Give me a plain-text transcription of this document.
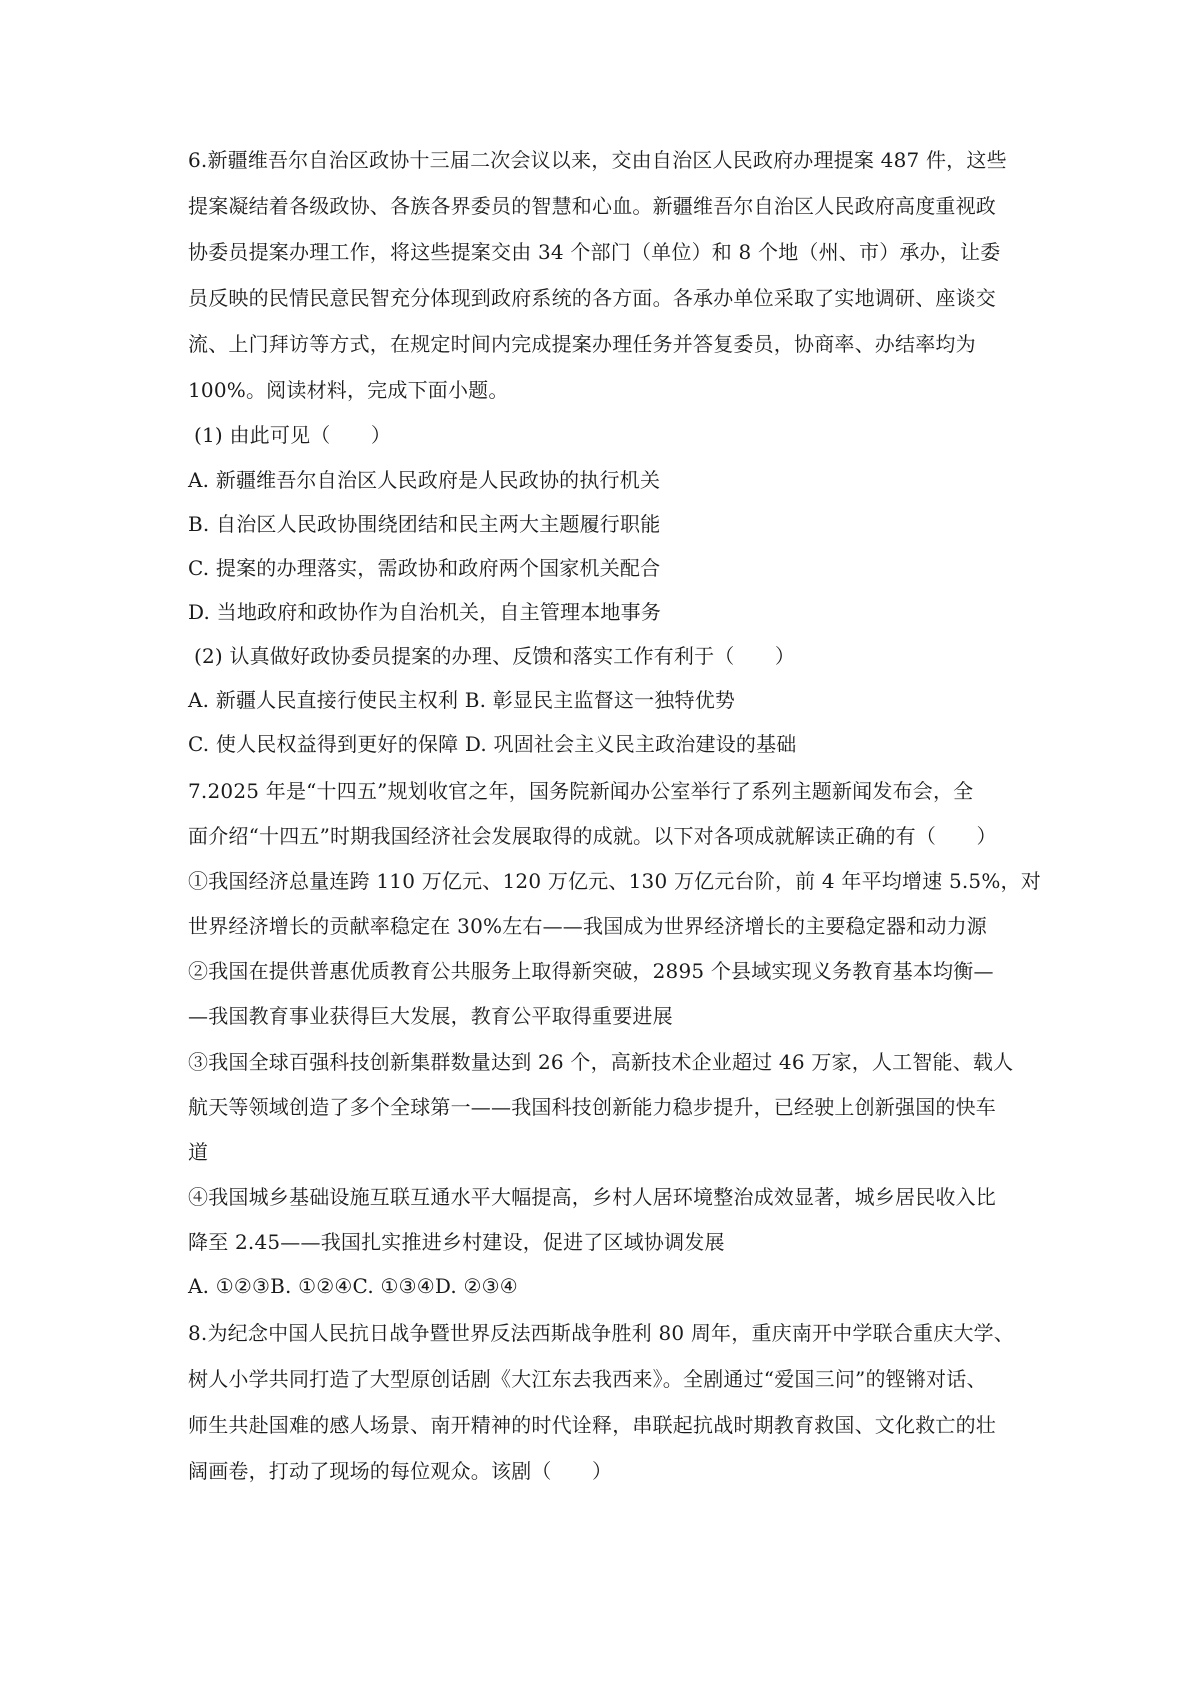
6.新疆维吾尔自治区政协十三届二次会议以来，交由自治区人民政府办理提案 487 件，这些
提案凝结着各级政协、各族各界委员的智慧和心血。新疆维吾尔自治区人民政府高度重视政
协委员提案办理工作，将这些提案交由 34 个部门（单位）和 8 个地（州、市）承办，让委
员反映的民情民意民智充分体现到政府系统的各方面。各承办单位采取了实地调研、座谈交
流、上门拜访等方式，在规定时间内完成提案办理任务并答复委员，协商率、办结率均为
100%。阅读材料，完成下面小题。
(1) 由此可见（　　）
A. 新疆维吾尔自治区人民政府是人民政协的执行机关
B. 自治区人民政协围绕团结和民主两大主题履行职能
C. 提案的办理落实，需政协和政府两个国家机关配合
D. 当地政府和政协作为自治机关，自主管理本地事务
(2) 认真做好政协委员提案的办理、反馈和落实工作有利于（　　）
A. 新疆人民直接行使民主权利 B. 彰显民主监督这一独特优势
C. 使人民权益得到更好的保障 D. 巩固社会主义民主政治建设的基础
7.2025 年是“十四五”规划收官之年，国务院新闻办公室举行了系列主题新闻发布会，全
面介绍“十四五”时期我国经济社会发展取得的成就。以下对各项成就解读正确的有（　　）
①我国经济总量连跨 110 万亿元、120 万亿元、130 万亿元台阶，前 4 年平均增速 5.5%，对
世界经济增长的贡献率稳定在 30%左右——我国成为世界经济增长的主要稳定器和动力源
②我国在提供普惠优质教育公共服务上取得新突破，2895 个县域实现义务教育基本均衡—
—我国教育事业获得巨大发展，教育公平取得重要进展
③我国全球百强科技创新集群数量达到 26 个，高新技术企业超过 46 万家，人工智能、载人
航天等领域创造了多个全球第一——我国科技创新能力稳步提升，已经驶上创新强国的快车
道
④我国城乡基础设施互联互通水平大幅提高，乡村人居环境整治成效显著，城乡居民收入比
降至 2.45——我国扎实推进乡村建设，促进了区域协调发展
A. ①②③B. ①②④C. ①③④D. ②③④
8.为纪念中国人民抗日战争暨世界反法西斯战争胜利 80 周年，重庆南开中学联合重庆大学、
树人小学共同打造了大型原创话剧《大江东去我西来》。全剧通过“爱国三问”的铿锵对话、
师生共赴国难的感人场景、南开精神的时代诠释，串联起抗战时期教育救国、文化救亡的壮
阔画卷，打动了现场的每位观众。该剧（　　）
